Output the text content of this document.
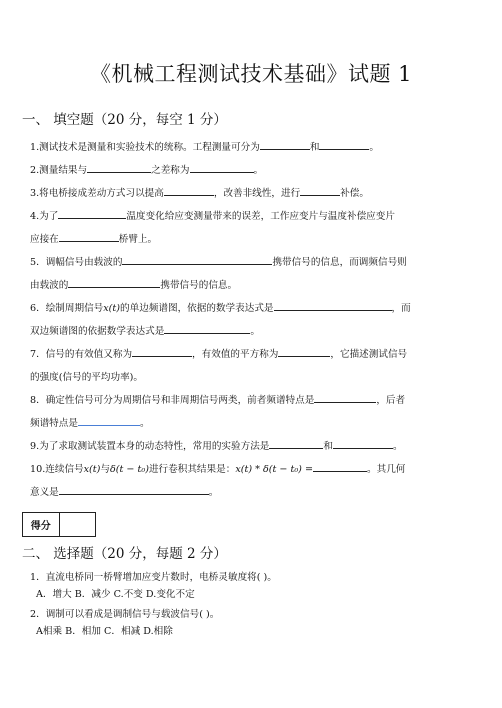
《机械工程测试技术基础》试题 1
一、 填空题（20 分，每空 1 分）
1.测试技术是测量和实验技术的统称。工程测量可分为	和	。
2.测量结果与	之差称为	。
3.将电桥接成差动方式习以提高	，改善非线性，进行	补偿。
4.为了	温度变化给应变测量带来的误差，工作应变片与温度补偿应变片
应接在	桥臂上。
5．调幅信号由载波的	携带信号的信息，而调频信号则
由载波的	携带信号的信息。
6．绘制周期信号x(t)的单边频谱图，依据的数学表达式是	，而
双边频谱图的依据数学表达式是	。
7．信号的有效值又称为	，有效值的平方称为	，它描述测试信号
的强度(信号的平均功率)。
8．确定性信号可分为周期信号和非周期信号两类，前者频谱特点是	，后者
频谱特点是	。
9.为了求取测试装置本身的动态特性，常用的实验方法是	和	。
10.连续信号x(t)与δ(t − t₀)进行卷积其结果是：x(t) * δ(t − t₀) =	。其几何
意义是	。
得分
二、 选择题（20 分，每题 2 分）
1．直流电桥同一桥臂增加应变片数时，电桥灵敏度将( )。
A．增大 B．减少 C.不变 D.变化不定
2．调制可以看成是调制信号与载波信号( )。
A相乘 B．相加 C．相减 D.相除
